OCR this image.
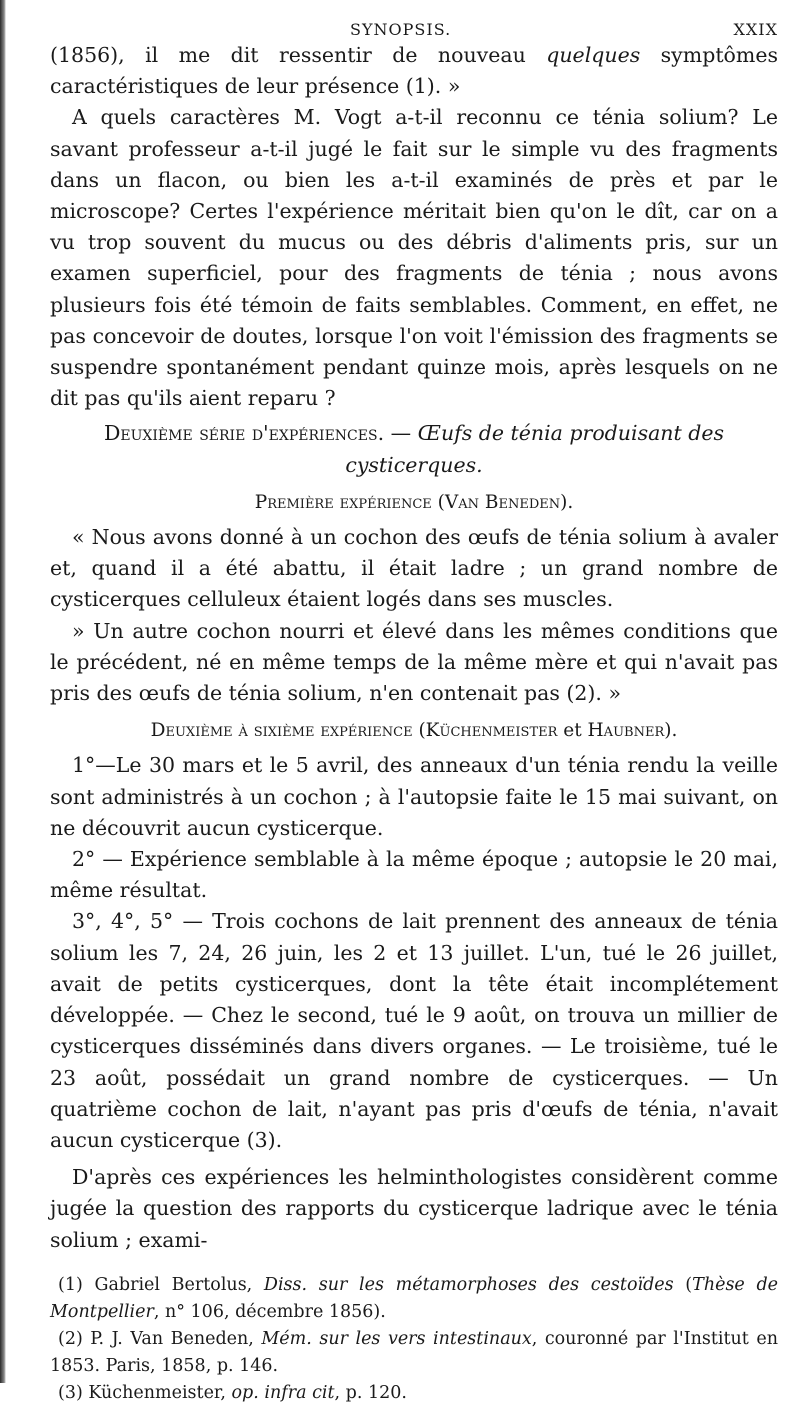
SYNOPSIS.	XXIX

(1856), il me dit ressentir de nouveau quelques symptômes caractéristiques de leur présence (1). »

A quels caractères M. Vogt a-t-il reconnu ce ténia solium? Le savant professeur a-t-il jugé le fait sur le simple vu des fragments dans un flacon, ou bien les a-t-il examinés de près et par le microscope? Certes l'expérience méritait bien qu'on le dît, car on a vu trop souvent du mucus ou des débris d'aliments pris, sur un examen superficiel, pour des fragments de ténia ; nous avons plusieurs fois été témoin de faits semblables. Comment, en effet, ne pas concevoir de doutes, lorsque l'on voit l'émission des fragments se suspendre spontanément pendant quinze mois, après lesquels on ne dit pas qu'ils aient reparu ?

Deuxième série d'expériences. — Œufs de ténia produisant des
cysticerques.

Première expérience (Van Beneden).

« Nous avons donné à un cochon des œufs de ténia solium à avaler et, quand il a été abattu, il était ladre ; un grand nombre de cysticerques celluleux étaient logés dans ses muscles.

» Un autre cochon nourri et élevé dans les mêmes conditions que le précédent, né en même temps de la même mère et qui n'avait pas pris des œufs de ténia solium, n'en contenait pas (2). »

Deuxième à sixième expérience (Küchenmeister et Haubner).

1°—Le 30 mars et le 5 avril, des anneaux d'un ténia rendu la veille sont administrés à un cochon ; à l'autopsie faite le 15 mai suivant, on ne découvrit aucun cysticerque.

2° — Expérience semblable à la même époque ; autopsie le 20 mai, même résultat.

3°, 4°, 5° — Trois cochons de lait prennent des anneaux de ténia solium les 7, 24, 26 juin, les 2 et 13 juillet. L'un, tué le 26 juillet, avait de petits cysticerques, dont la tête était incomplétement développée. — Chez le second, tué le 9 août, on trouva un millier de cysticerques disséminés dans divers organes. — Le troisième, tué le 23 août, possédait un grand nombre de cysticerques. — Un quatrième cochon de lait, n'ayant pas pris d'œufs de ténia, n'avait aucun cysticerque (3).

D'après ces expériences les helminthologistes considèrent comme jugée la question des rapports du cysticerque ladrique avec le ténia solium ; exami-

(1) Gabriel Bertolus, Diss. sur les métamorphoses des cestoïdes (Thèse de Montpellier, n° 106, décembre 1856).

(2) P. J. Van Beneden, Mém. sur les vers intestinaux, couronné par l'Institut en 1853. Paris, 1858, p. 146.

(3) Küchenmeister, op. infra cit, p. 120.
